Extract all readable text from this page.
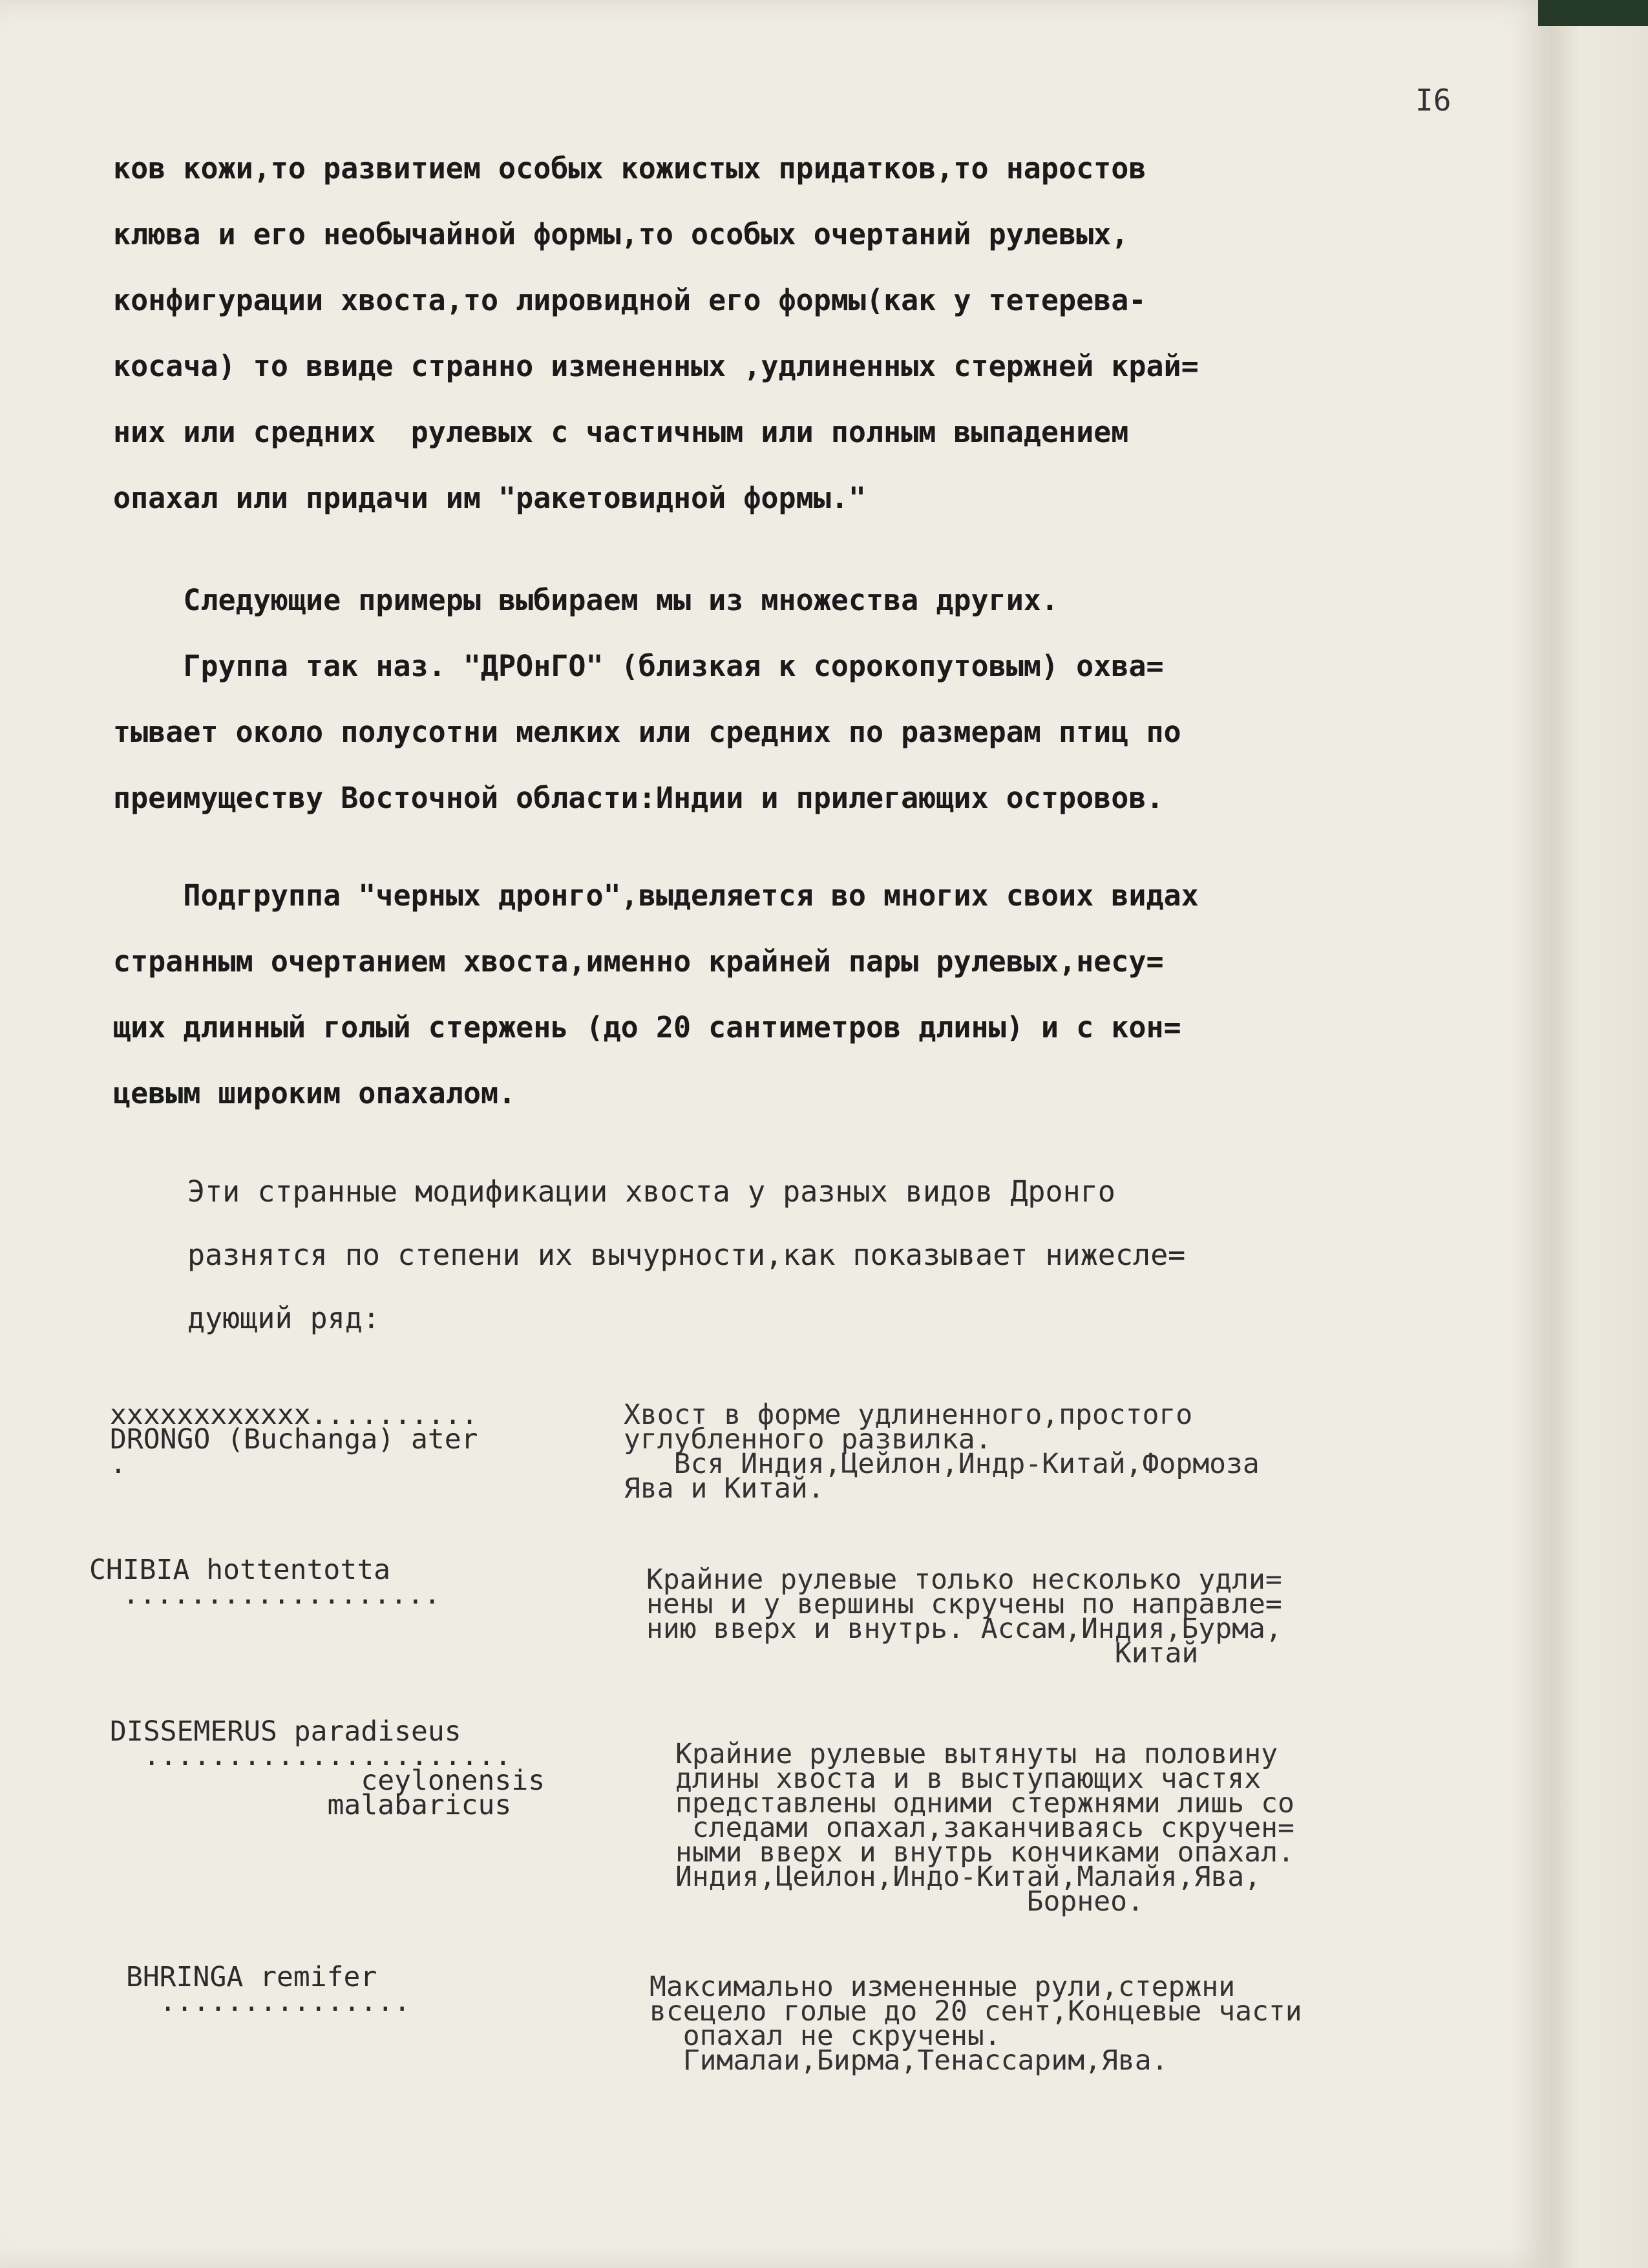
I6
ков кожи,то развитием особых кожистых придатков,то наростов
клюва и его необычайной формы,то особых очертаний рулевых,
конфигурации хвоста,то лировидной его формы(как у тетерева-
косача) то ввиде странно измененных ,удлиненных стержней край=
них или средних  рулевых с частичным или полным выпадением
опахал или придачи им "ракетовидной формы."
Следующие примеры выбираем мы из множества других.
Группа так наз. "ДРОнГО" (близкая к сорокопутовым) охва=
тывает около полусотни мелких или средних по размерам птиц по
преимуществу Восточной области:Индии и прилегающих островов.
Подгруппа "черных дронго",выделяется во многих своих видах
странным очертанием хвоста,именно крайней пары рулевых,несу=
щих длинный голый стержень (до 20 сантиметров длины) и с кон=
цевым широким опахалом.
Эти странные модификации хвоста у разных видов Дронго
разнятся по степени их вычурности,как показывает нижесле=
дующий ряд:
xxxxxxxxxxxx..........
DRONGO (Buchanga) ater
.
Хвост в форме удлиненного,простого
углубленного развилка.
Вся Индия,Цейлон,Индр-Китай,Формоза
Ява и Китай.
CHIBIA hottentotta
...................	Крайние рулевые только несколько удли=
нены и у вершины скручены по направле=
нию вверх и внутрь. Ассам,Индия,Бурма,
Китай
DISSEMERUS paradiseus
......................
ceylonensis
malabaricus
Крайние рулевые вытянуты на половину
длины хвоста и в выступающих частях
представлены одними стержнями лишь со
следами опахал,заканчиваясь скручен=
ными вверх и внутрь кончиками опахал.
Индия,Цейлон,Индо-Китай,Малайя,Ява,
Борнео.
BHRINGA remifer
...............	Максимально измененные рули,стержни
всецело голые до 20 сент,Концевые части
опахал не скручены.
Гималаи,Бирма,Тенассарим,Ява.
